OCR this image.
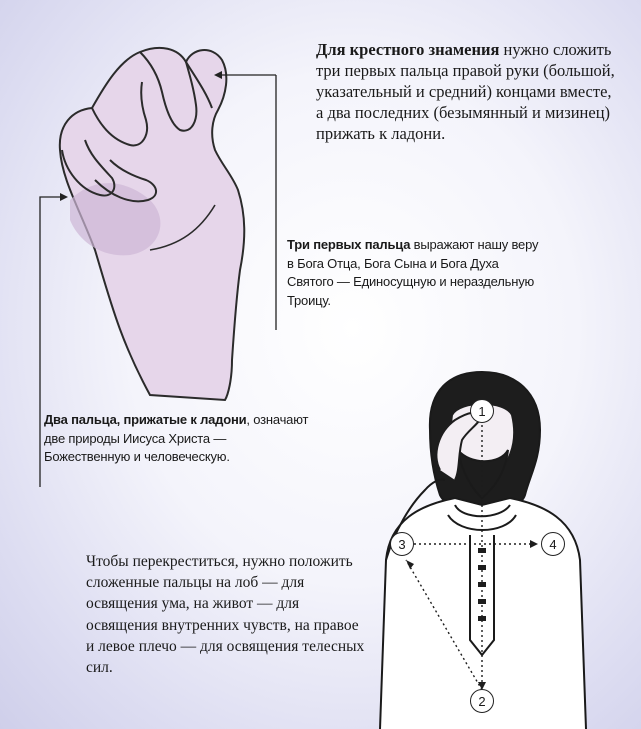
1
2
3	4
Для крестного знамения нужно сложить три первых пальца правой руки (большой, указательный и средний) концами вместе, а два последних (безымянный и мизинец) прижать к ладони.
Три первых пальца выражают нашу веру в Бога Отца, Бога Сына и Бога Духа Святого — Единосущную и нераздельную Троицу.
Два пальца, прижатые к ладони, означают две природы Иисуса Христа — Божественную и человеческую.
Чтобы перекреститься, нужно положить сложенные пальцы на лоб — для освящения ума, на живот — для освящения внутренних чувств, на правое и левое плечо — для освящения телесных сил.
